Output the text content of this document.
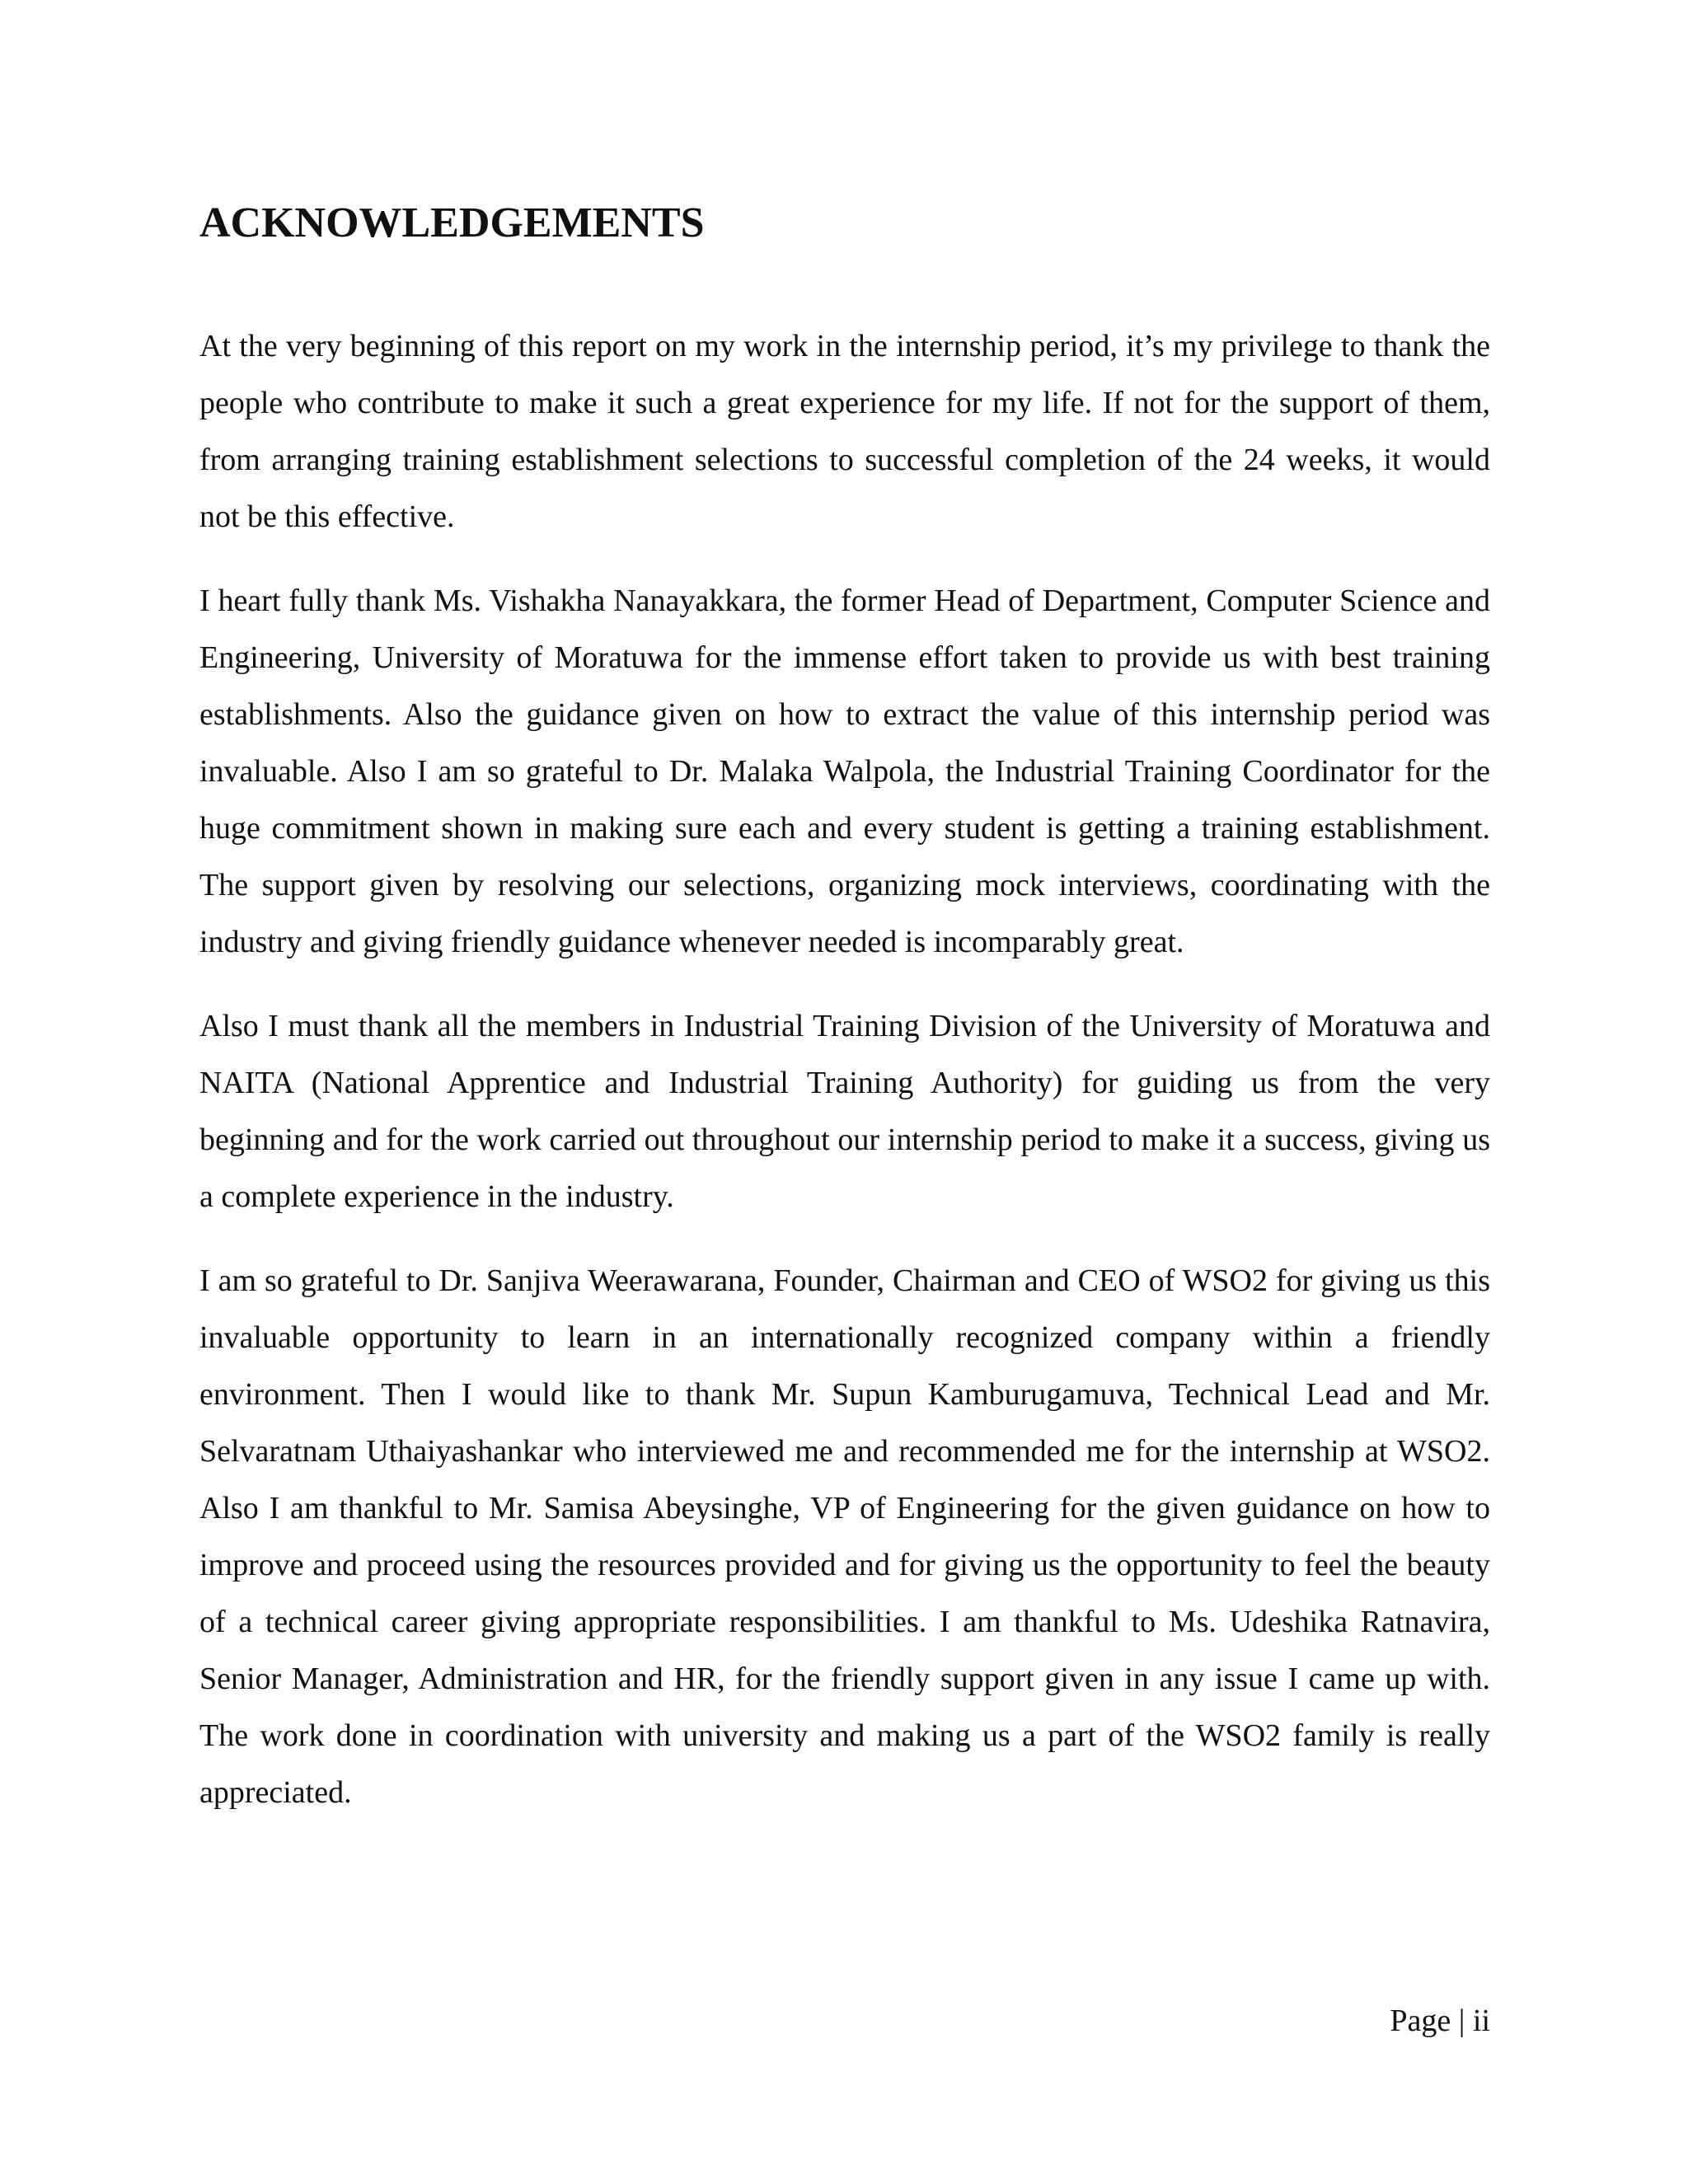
ACKNOWLEDGEMENTS

At the very beginning of this report on my work in the internship period, it’s my privilege to thank the people who contribute to make it such a great experience for my life. If not for the support of them, from arranging training establishment selections to successful completion of the 24 weeks, it would not be this effective.

I heart fully thank Ms. Vishakha Nanayakkara, the former Head of Department, Computer Science and Engineering, University of Moratuwa for the immense effort taken to provide us with best training establishments. Also the guidance given on how to extract the value of this internship period was invaluable. Also I am so grateful to Dr. Malaka Walpola, the Industrial Training Coordinator for the huge commitment shown in making sure each and every student is getting a training establishment. The support given by resolving our selections, organizing mock interviews, coordinating with the industry and giving friendly guidance whenever needed is incomparably great.

Also I must thank all the members in Industrial Training Division of the University of Moratuwa and NAITA (National Apprentice and Industrial Training Authority) for guiding us from the very beginning and for the work carried out throughout our internship period to make it a success, giving us a complete experience in the industry.

I am so grateful to Dr. Sanjiva Weerawarana, Founder, Chairman and CEO of WSO2 for giving us this invaluable opportunity to learn in an internationally recognized company within a friendly environment. Then I would like to thank Mr. Supun Kamburugamuva, Technical Lead and Mr. Selvaratnam Uthaiyashankar who interviewed me and recommended me for the internship at WSO2. Also I am thankful to Mr. Samisa Abeysinghe, VP of Engineering for the given guidance on how to improve and proceed using the resources provided and for giving us the opportunity to feel the beauty of a technical career giving appropriate responsibilities. I am thankful to Ms. Udeshika Ratnavira, Senior Manager, Administration and HR, for the friendly support given in any issue I came up with. The work done in coordination with university and making us a part of the WSO2 family is really appreciated.

Page | ii
